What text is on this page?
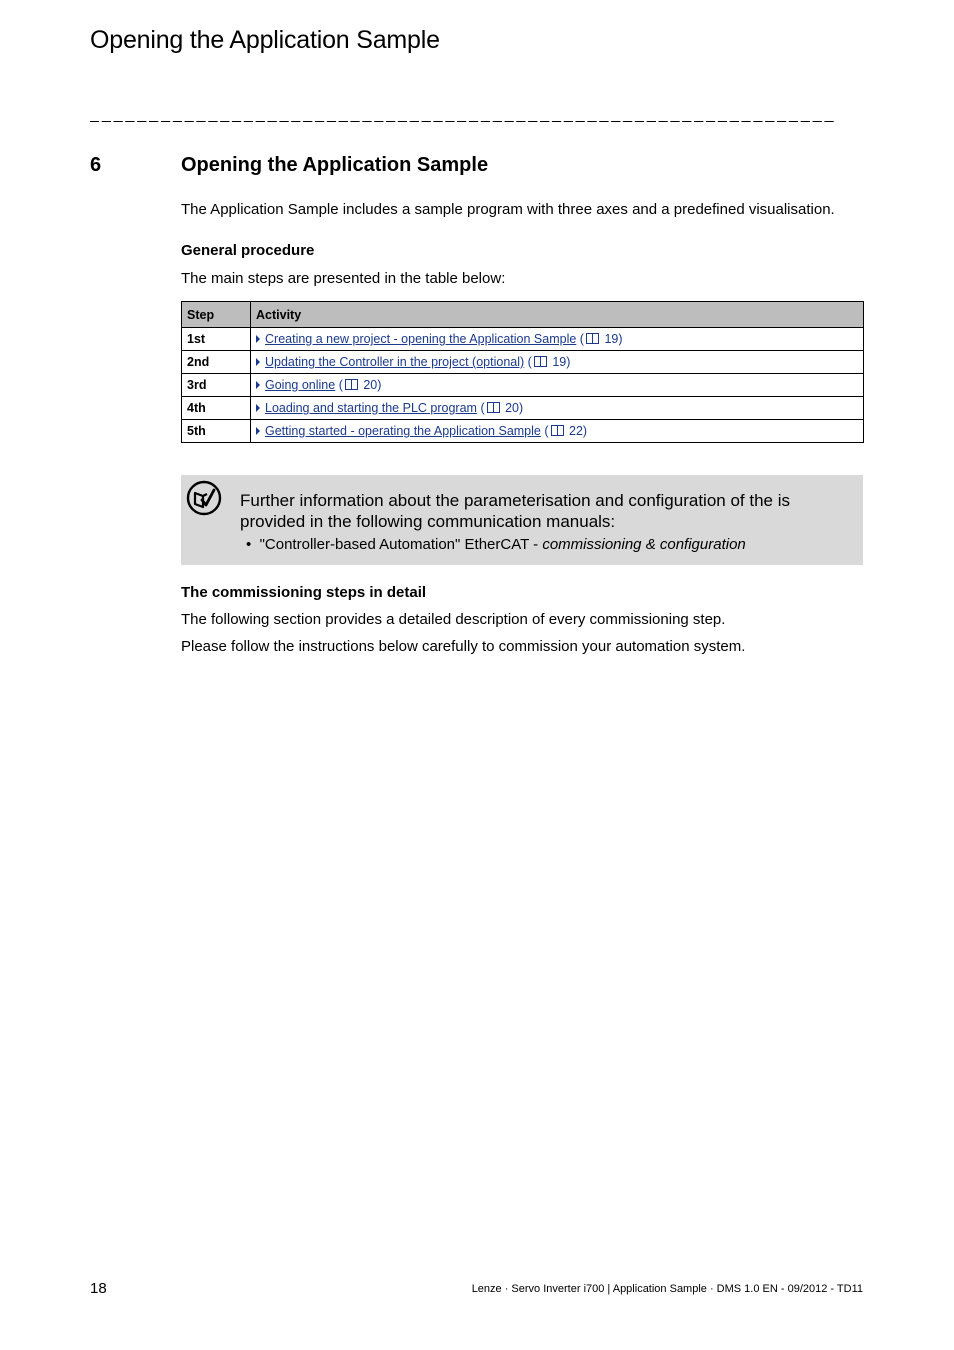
Opening the Application Sample
_______________________________________________________________
6	Opening the Application Sample
The Application Sample includes a sample program with three axes and a predefined visualisation.
General procedure
The main steps are presented in the table below:
Step	Activity
1st	Creating a new project - opening the Application Sample ( 19)
2nd	Updating the Controller in the project (optional) ( 19)
3rd	Going online ( 20)
4th	Loading and starting the PLC program ( 20)
5th	Getting started - operating the Application Sample ( 22)
Further information about the parameterisation and configuration of the is provided in the following communication manuals:
•  "Controller-based Automation" EtherCAT - commissioning & configuration
The commissioning steps in detail
The following section provides a detailed description of every commissioning step.
Please follow the instructions below carefully to commission your automation system.
18	Lenze · Servo Inverter i700 | Application Sample · DMS 1.0 EN - 09/2012 - TD11
